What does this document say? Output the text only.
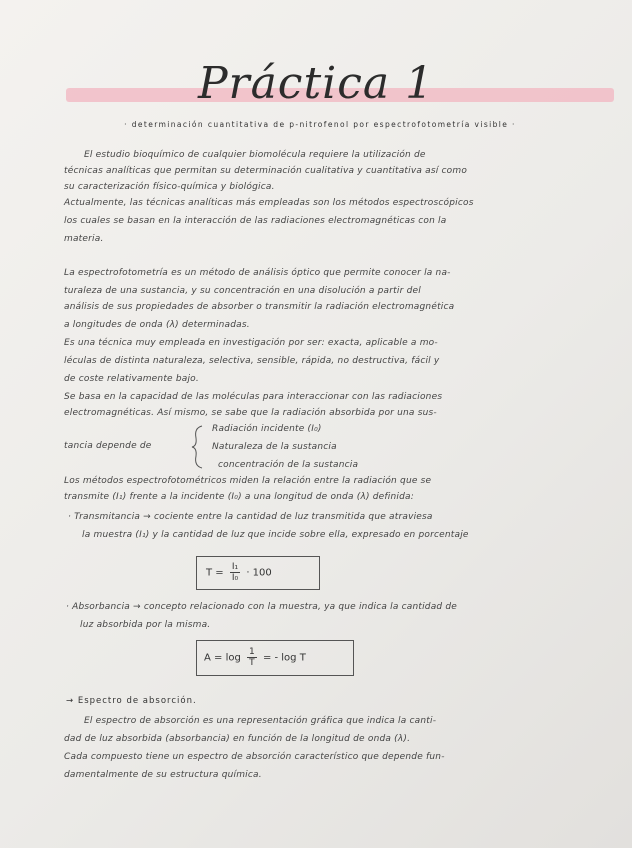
Práctica 1
· determinación cuantitativa de p-nitrofenol por espectrofotometría visible ·
El estudio bioquímico de cualquier biomolécula requiere la utilización de
técnicas analíticas que permitan su determinación cualitativa y cuantitativa así como
su caracterización físico-química y biológica.
Actualmente, las técnicas analíticas más empleadas son los métodos espectroscópicos
los cuales se basan en la interacción de las radiaciones electromagnéticas con la
materia.
La espectrofotometría es un método de análisis óptico que permite conocer la na-
turaleza de una sustancia, y su concentración en una disolución a partir del
análisis de sus propiedades de absorber o transmitir la radiación electromagnética
a longitudes de onda (λ) determinadas.
Es una técnica muy empleada en investigación por ser: exacta, aplicable a mo-
léculas de distinta naturaleza, selectiva, sensible, rápida, no destructiva, fácil y
de coste relativamente bajo.
Se basa en la capacidad de las moléculas para interaccionar con las radiaciones
electromagnéticas. Así mismo, se sabe que la radiación absorbida por una sus-
tancia depende de
Radiación incidente (I₀)
Naturaleza de la sustancia
concentración de la sustancia
Los métodos espectrofotométricos miden la relación entre la radiación que se
transmite (I₁) frente a la incidente (I₀) a una longitud de onda (λ) definida:
· Transmitancia → cociente entre la cantidad de luz transmitida que atraviesa
la muestra (I₁) y la cantidad de luz que incide sobre ella, expresado en porcentaje
$T = \frac{\text{I₁}}{\text{I₀}} \cdot 100$
· Absorbancia → concepto relacionado con la muestra, ya que indica la cantidad de
luz absorbida por la misma.
$A = \log \frac{1}{T}$ = - log T
→ Espectro de absorción.
El espectro de absorción es una representación gráfica que indica la canti-
dad de luz absorbida (absorbancia) en función de la longitud de onda (λ).
Cada compuesto tiene un espectro de absorción característico que depende fun-
damentalmente de su estructura química.
